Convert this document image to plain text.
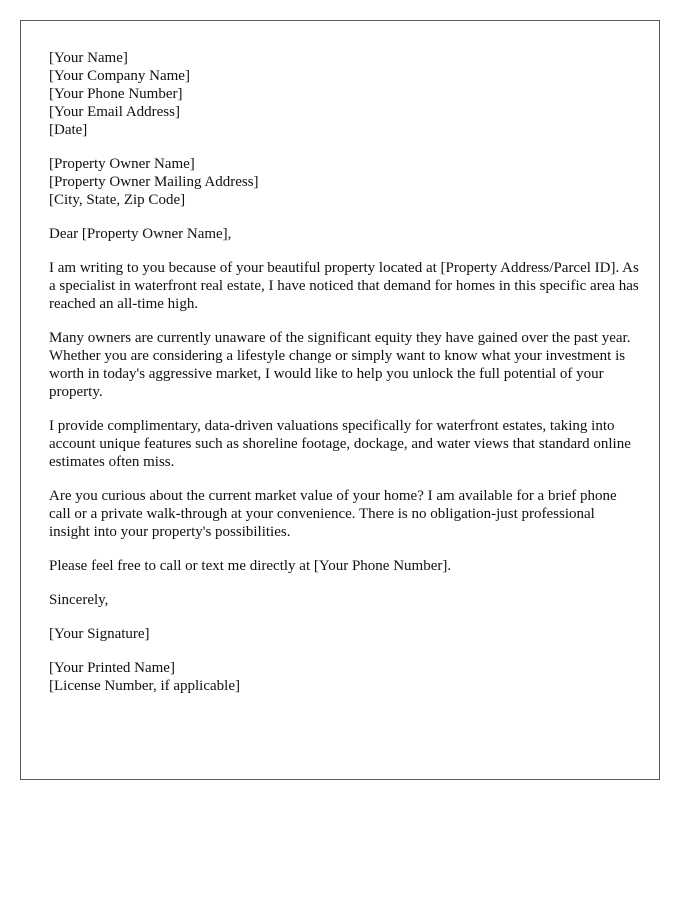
[Your Name]
[Your Company Name]
[Your Phone Number]
[Your Email Address]
[Date]
[Property Owner Name]
[Property Owner Mailing Address]
[City, State, Zip Code]

Dear [Property Owner Name],

I am writing to you because of your beautiful property located at [Property Address/Parcel ID]. As a specialist in waterfront real estate, I have noticed that demand for homes in this specific area has reached an all-time high.

Many owners are currently unaware of the significant equity they have gained over the past year. Whether you are considering a lifestyle change or simply want to know what your investment is worth in today's aggressive market, I would like to help you unlock the full potential of your property.

I provide complimentary, data-driven valuations specifically for waterfront estates, taking into account unique features such as shoreline footage, dockage, and water views that standard online estimates often miss.

Are you curious about the current market value of your home? I am available for a brief phone call or a private walk-through at your convenience. There is no obligation-just professional insight into your property's possibilities.

Please feel free to call or text me directly at [Your Phone Number].

Sincerely,

[Your Signature]

[Your Printed Name]
[License Number, if applicable]
